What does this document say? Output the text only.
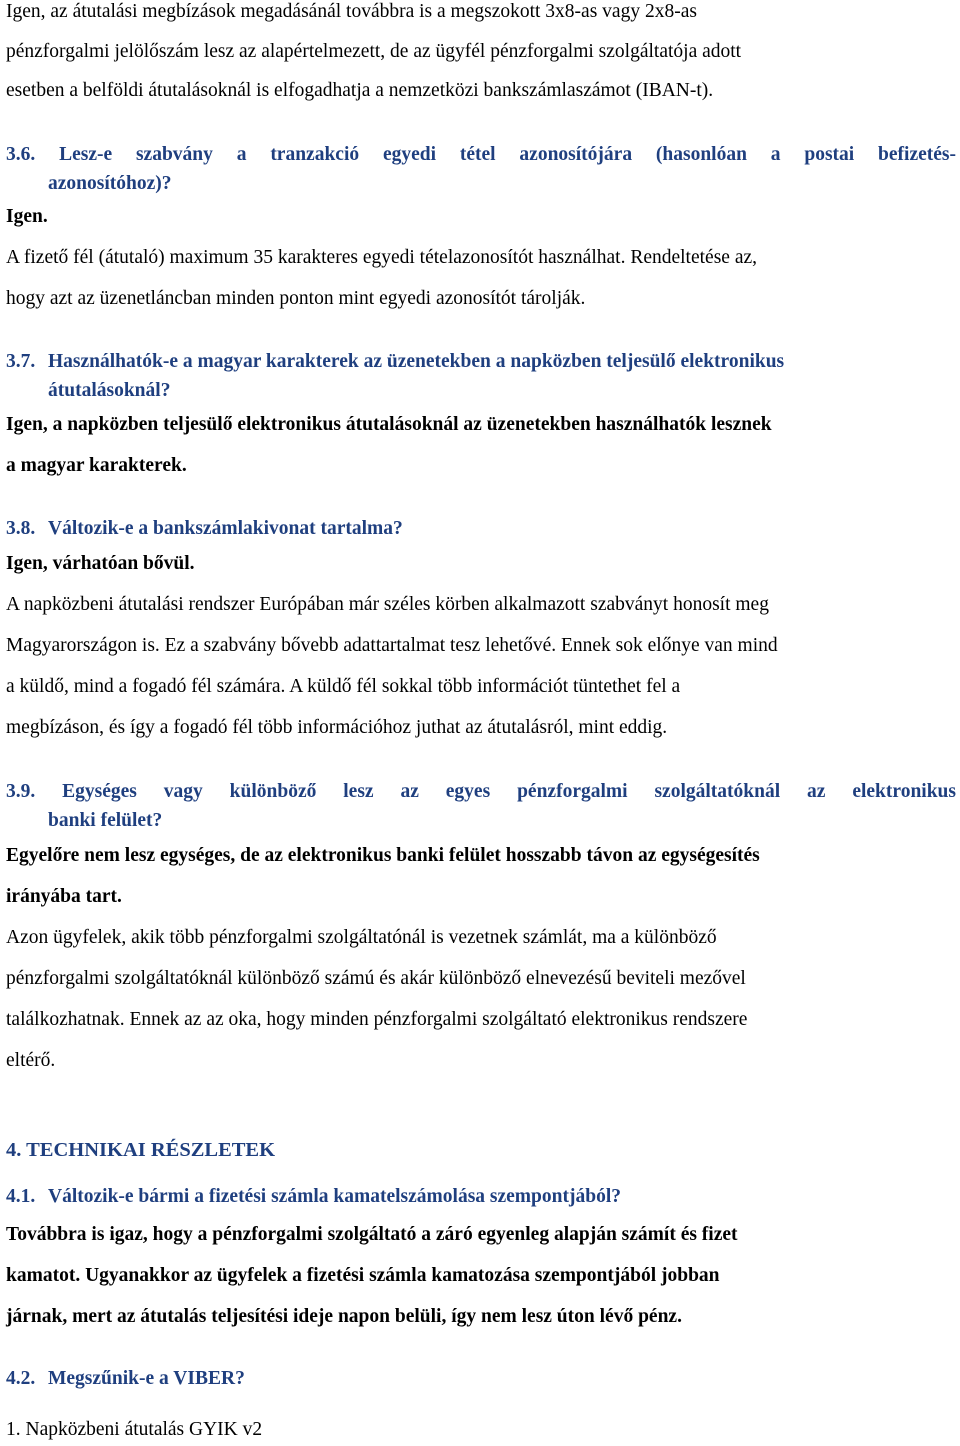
Igen, az átutalási megbízások megadásánál továbbra is a megszokott 3x8-as vagy 2x8-as
pénzforgalmi jelölőszám lesz az alapértelmezett, de az ügyfél pénzforgalmi szolgáltatója adott
esetben a belföldi átutalásoknál is elfogadhatja a nemzetközi bankszámlaszámot (IBAN-t).
3.6. Lesz-e szabvány a tranzakció egyedi tétel azonosítójára (hasonlóan a postai befizetés-
azonosítóhoz)?
Igen.
A fizető fél (átutaló) maximum 35 karakteres egyedi tételazonosítót használhat. Rendeltetése az,
hogy azt az üzenetláncban minden ponton mint egyedi azonosítót tárolják.
3.7. Használhatók-e a magyar karakterek az üzenetekben a napközben teljesülő elektronikus
átutalásoknál?
Igen, a napközben teljesülő elektronikus átutalásoknál az üzenetekben használhatók lesznek
a magyar karakterek.
3.8. Változik-e a bankszámlakivonat tartalma?
Igen, várhatóan bővül.
A napközbeni átutalási rendszer Európában már széles körben alkalmazott szabványt honosít meg
Magyarországon is. Ez a szabvány bővebb adattartalmat tesz lehetővé. Ennek sok előnye van mind
a küldő, mind a fogadó fél számára. A küldő fél sokkal több információt tüntethet fel a
megbízáson, és így a fogadó fél több információhoz juthat az átutalásról, mint eddig.
3.9. Egységes vagy különböző lesz az egyes pénzforgalmi szolgáltatóknál az elektronikus
banki felület?
Egyelőre nem lesz egységes, de az elektronikus banki felület hosszabb távon az egységesítés
irányába tart.
Azon ügyfelek, akik több pénzforgalmi szolgáltatónál is vezetnek számlát, ma a különböző
pénzforgalmi szolgáltatóknál különböző számú és akár különböző elnevezésű beviteli mezővel
találkozhatnak. Ennek az az oka, hogy minden pénzforgalmi szolgáltató elektronikus rendszere
eltérő.
4. TECHNIKAI RÉSZLETEK
4.1. Változik-e bármi a fizetési számla kamatelszámolása szempontjából?
Továbbra is igaz, hogy a pénzforgalmi szolgáltató a záró egyenleg alapján számít és fizet
kamatot. Ugyanakkor az ügyfelek a fizetési számla kamatozása szempontjából jobban
járnak, mert az átutalás teljesítési ideje napon belüli, így nem lesz úton lévő pénz.
4.2. Megszűnik-e a VIBER?
1. Napközbeni átutalás GYIK v2
